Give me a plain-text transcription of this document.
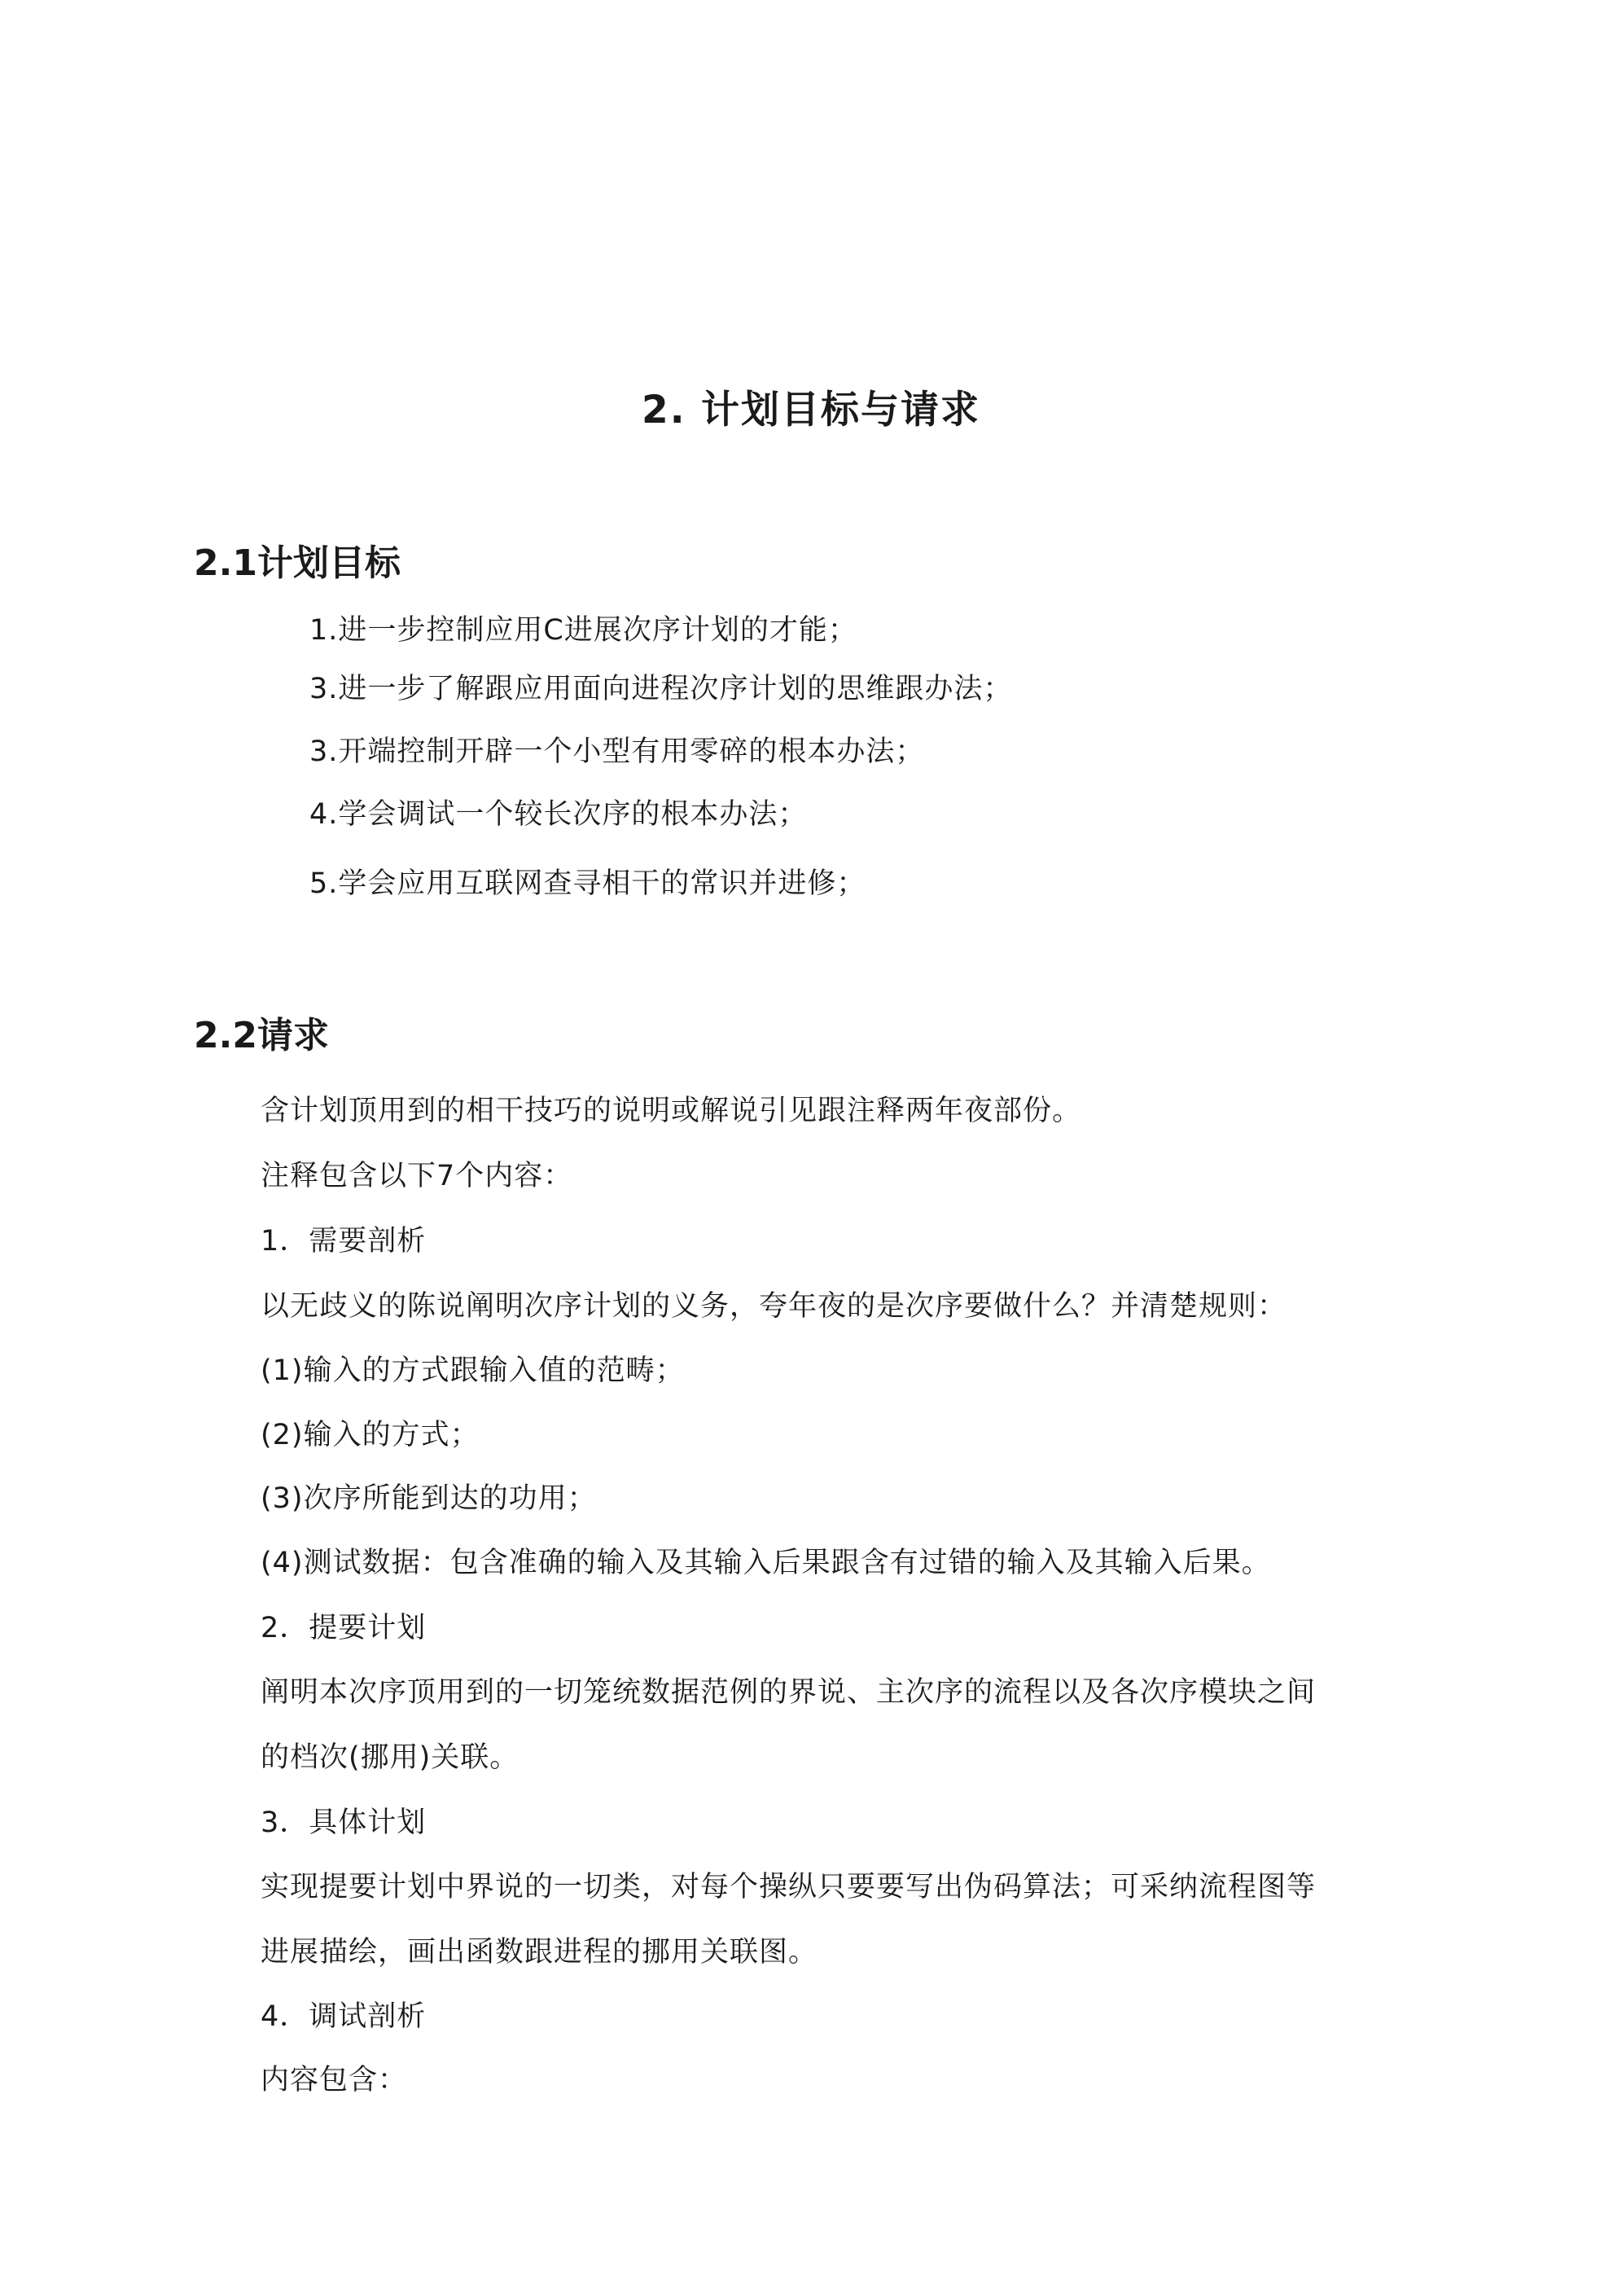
2. 计划目标与请求
2.1计划目标

1.进一步控制应用C进展次序计划的才能；

3.进一步了解跟应用面向进程次序计划的思维跟办法；

3.开端控制开辟一个小型有用零碎的根本办法；

4.学会调试一个较长次序的根本办法；

5.学会应用互联网查寻相干的常识并进修；

2.2请求

含计划顶用到的相干技巧的说明或解说引见跟注释两年夜部份。

注释包含以下7个内容：

1．需要剖析

以无歧义的陈说阐明次序计划的义务，夸年夜的是次序要做什么？并清楚规则：

(1)输入的方式跟输入值的范畴；

(2)输入的方式；

(3)次序所能到达的功用；

(4)测试数据：包含准确的输入及其输入后果跟含有过错的输入及其输入后果。

2．提要计划

阐明本次序顶用到的一切笼统数据范例的界说、主次序的流程以及各次序模块之间

的档次(挪用)关联。

3．具体计划

实现提要计划中界说的一切类，对每个操纵只要要写出伪码算法；可采纳流程图等

进展描绘，画出函数跟进程的挪用关联图。

4．调试剖析

内容包含：
